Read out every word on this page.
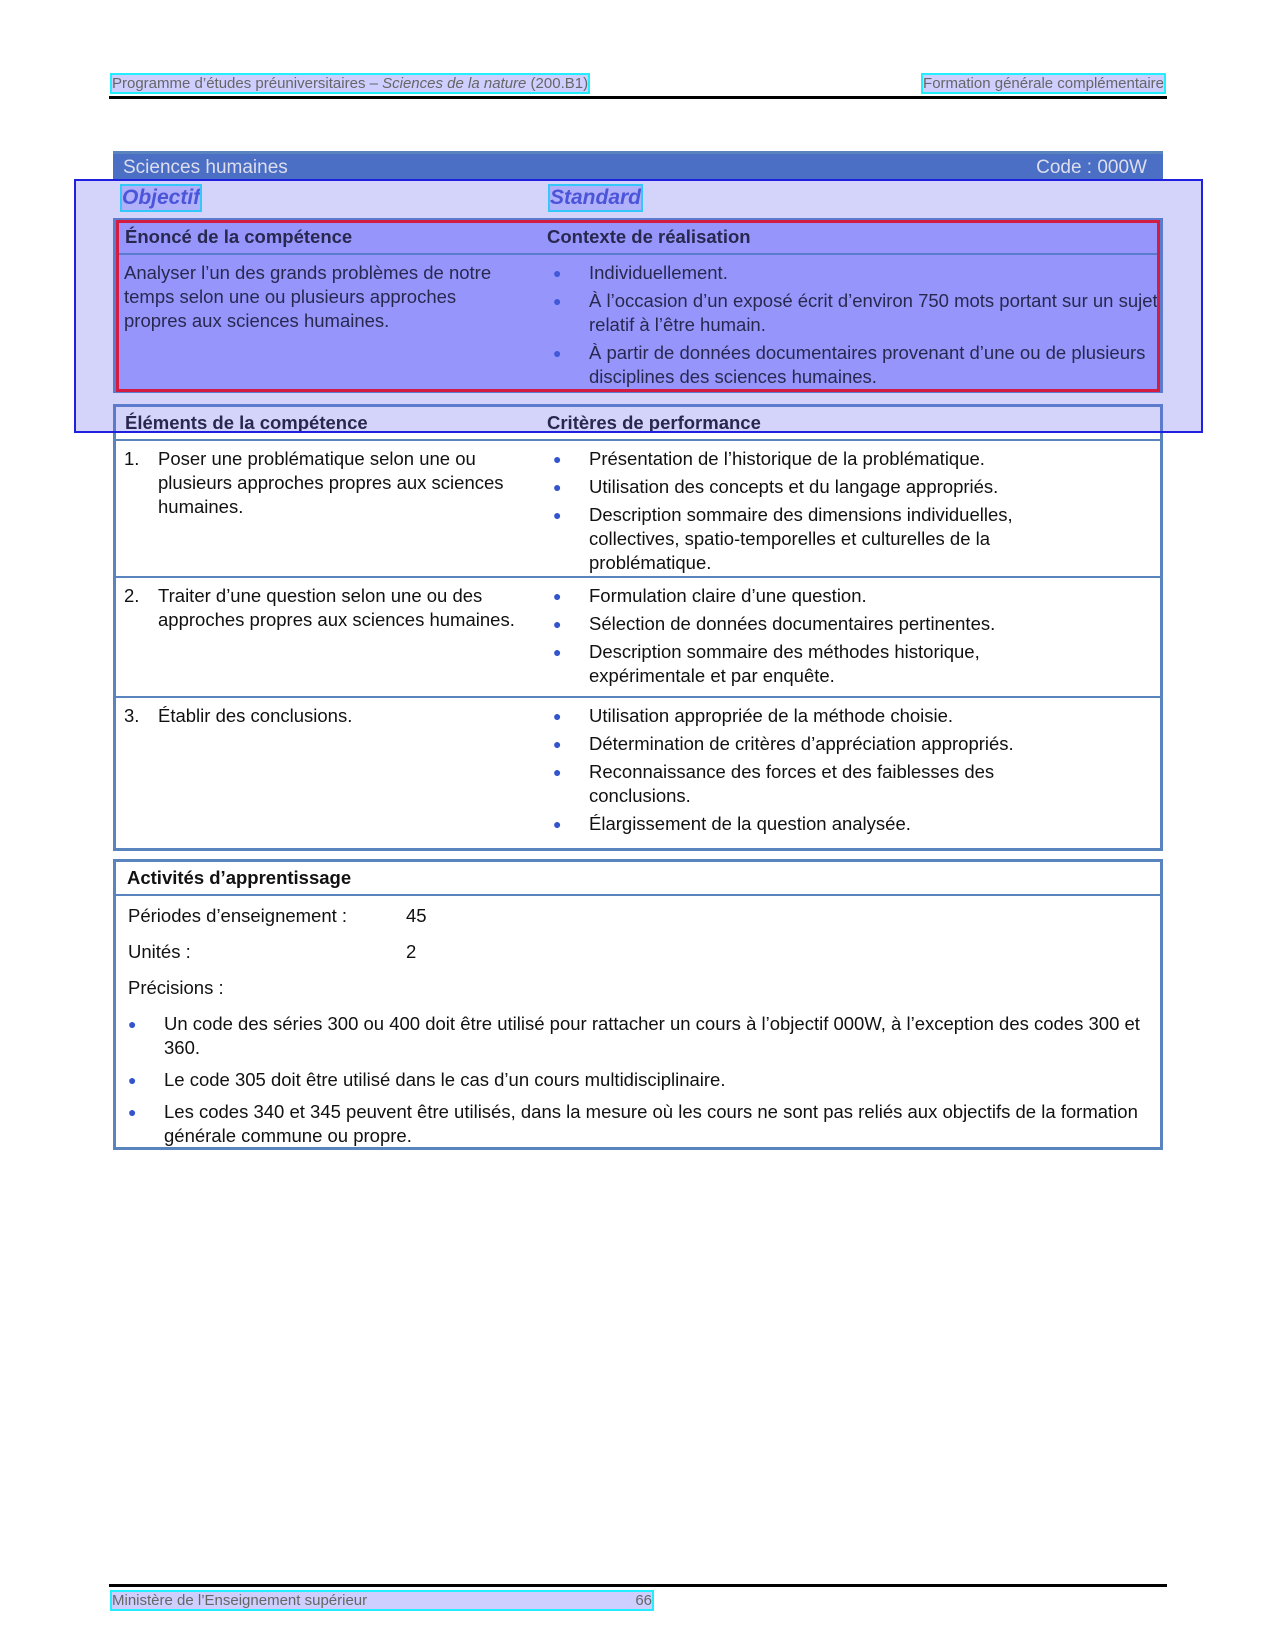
Programme d’études préuniversitaires – Sciences de la nature (200.B1)	Formation générale complémentaire
Sciences humaines	Code : 000W
Objectif	Standard
Énoncé de la compétence	Contexte de réalisation
Analyser l’un des grands problèmes de notre temps selon une ou plusieurs approches propres aux sciences humaines.
●	Individuellement.
●	À l’occasion d’un exposé écrit d’environ 750 mots portant sur un sujet relatif à l’être humain.
●	À partir de données documentaires provenant d’une ou de plusieurs disciplines des sciences humaines.
Éléments de la compétence	Critères de performance
1.	Poser une problématique selon une ou plusieurs approches propres aux sciences humaines.
●	Présentation de l’historique de la problématique.
●	Utilisation des concepts et du langage appropriés.
●	Description sommaire des dimensions individuelles, collectives, spatio-temporelles et culturelles de la problématique.
2.	Traiter d’une question selon une ou des approches propres aux sciences humaines.
●	Formulation claire d’une question.
●	Sélection de données documentaires pertinentes.
●	Description sommaire des méthodes historique, expérimentale et par enquête.
3.	Établir des conclusions.	●	Utilisation appropriée de la méthode choisie.
●	Détermination de critères d’appréciation appropriés.
●	Reconnaissance des forces et des faiblesses des conclusions.
●	Élargissement de la question analysée.
Activités d’apprentissage

Périodes d’enseignement :	45

Unités :	2

Précisions :

●	Un code des séries 300 ou 400 doit être utilisé pour rattacher un cours à l’objectif 000W, à l’exception des codes 300 et 360.
●	Le code 305 doit être utilisé dans le cas d’un cours multidisciplinaire.
●	Les codes 340 et 345 peuvent être utilisés, dans la mesure où les cours ne sont pas reliés aux objectifs de la formation générale commune ou propre.
Ministère de l’Enseignement supérieur	66
